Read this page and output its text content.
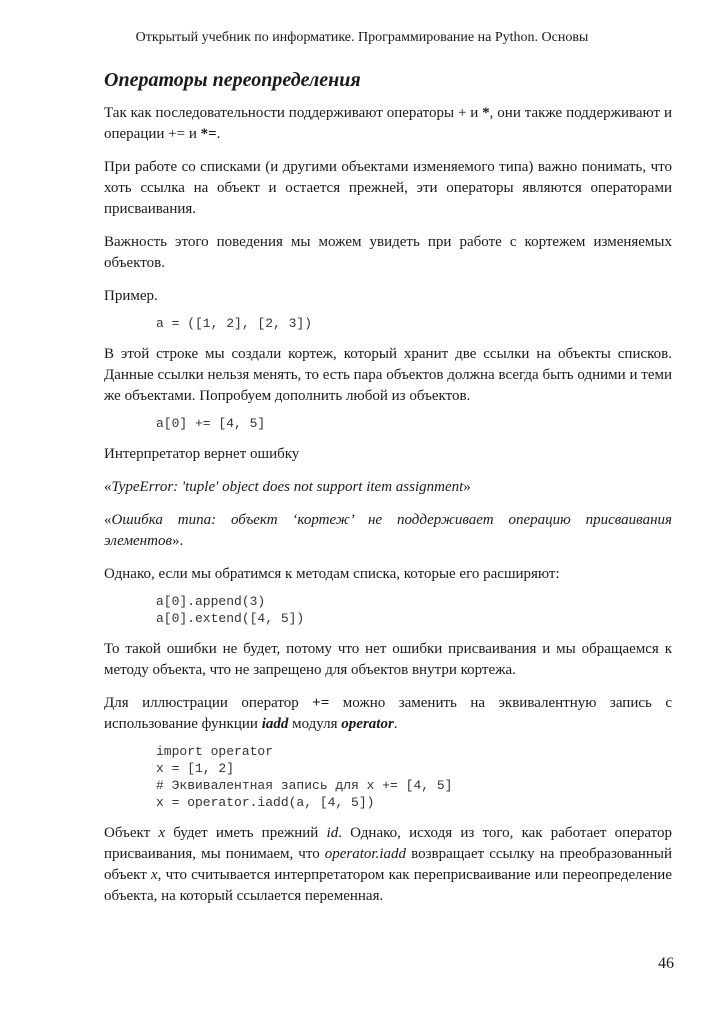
Открытый учебник по информатике. Программирование на Python. Основы
Операторы переопределения

Так как последовательности поддерживают операторы + и *, они также поддерживают и операции += и *=.

При работе со списками (и другими объектами изменяемого типа) важно понимать, что хоть ссылка на объект и остается прежней, эти операторы являются операторами присваивания.

Важность этого поведения мы можем увидеть при работе с кортежем изменяемых объектов.

Пример.

a = ([1, 2], [2, 3])

В этой строке мы создали кортеж, который хранит две ссылки на объекты списков. Данные ссылки нельзя менять, то есть пара объектов должна всегда быть одними и теми же объектами. Попробуем дополнить любой из объектов.

a[0] += [4, 5]

Интерпретатор вернет ошибку

«TypeError: 'tuple' object does not support item assignment»

«Ошибка типа: объект ‘кортеж’ не поддерживает операцию присваивания элементов».

Однако, если мы обратимся к методам списка, которые его расширяют:

a[0].append(3)
a[0].extend([4, 5])

То такой ошибки не будет, потому что нет ошибки присваивания и мы обращаемся к методу объекта, что не запрещено для объектов внутри кортежа.

Для иллюстрации оператор += можно заменить на эквивалентную запись с использование функции iadd модуля operator.

import operator
x = [1, 2]
# Эквивалентная запись для x += [4, 5]
x = operator.iadd(a, [4, 5])

Объект x будет иметь прежний id. Однако, исходя из того, как работает оператор присваивания, мы понимаем, что operator.iadd возвращает ссылку на преобразованный объект x, что считывается интерпретатором как переприсваивание или переопределение объекта, на который ссылается переменная.

46
